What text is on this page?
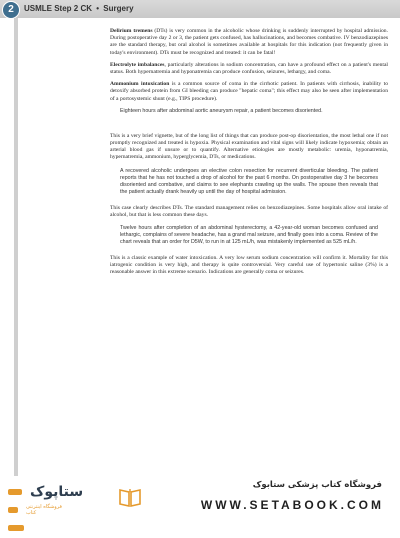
2 USMLE Step 2 CK • Surgery

Delirium tremens (DTs) is very common in the alcoholic whose drinking is suddenly interrupted by hospital admission. During postoperative day 2 or 3, the patient gets confused, has hallucinations, and becomes combative. IV benzodiazepines are the standard therapy, but oral alcohol is sometimes available at hospitals for this indication (not frequently given in today's environment). DTs must be recognized and treated: it can be fatal!

Electrolyte imbalances, particularly alterations in sodium concentration, can have a profound effect on a patient's mental status. Both hypernatremia and hyponatremia can produce confusion, seizures, lethargy, and coma.

Ammonium intoxication is a common source of coma in the cirrhotic patient. In patients with cirrhosis, inability to detoxify absorbed protein from GI bleeding can produce "hepatic coma"; this effect may also be seen after implementation of a portosystemic shunt (e.g., TIPS procedure).

Eighteen hours after abdominal aortic aneurysm repair, a patient becomes disoriented.

This is a very brief vignette, but of the long list of things that can produce post-op disorientation, the most lethal one if not promptly recognized and treated is hypoxia. Physical examination and vital signs will likely indicate hypoxemia; obtain an arterial blood gas if unsure or to quantify. Alternative etiologies are mostly metabolic: uremia, hyponatremia, hypernatremia, ammonium, hyperglycemia, DTs, or medications.

A recovered alcoholic undergoes an elective colon resection for recurrent diverticular bleeding. The patient reports that he has not touched a drop of alcohol for the past 6 months. On postoperative day 3 he becomes disoriented and combative, and claims to see elephants crawling up the walls. The spouse then reveals that the patient actually drank heavily up until the day of hospital admission.

This case clearly describes DTs. The standard management relies on benzodiazepines. Some hospitals allow oral intake of alcohol, but that is less common these days.

Twelve hours after completion of an abdominal hysterectomy, a 42-year-old woman becomes confused and lethargic, complains of severe headache, has a grand mal seizure, and finally goes into a coma. Review of the chart reveals that an order for D5W, to run in at 125 mL/h, was mistakenly implemented as 525 mL/h.

This is a classic example of water intoxication. A very low serum sodium concentration will confirm it. Mortality for this iatrogenic condition is very high, and therapy is quite controversial. Very careful use of hypertonic saline (3%) is a reasonable answer in this extreme scenario. Indications are generally coma or seizures.

ستاپوک
فروشگاه اینترنتی کتاب
فروشگاه کتاب پزشکی ستابوک
WWW.SETABOOK.COM
